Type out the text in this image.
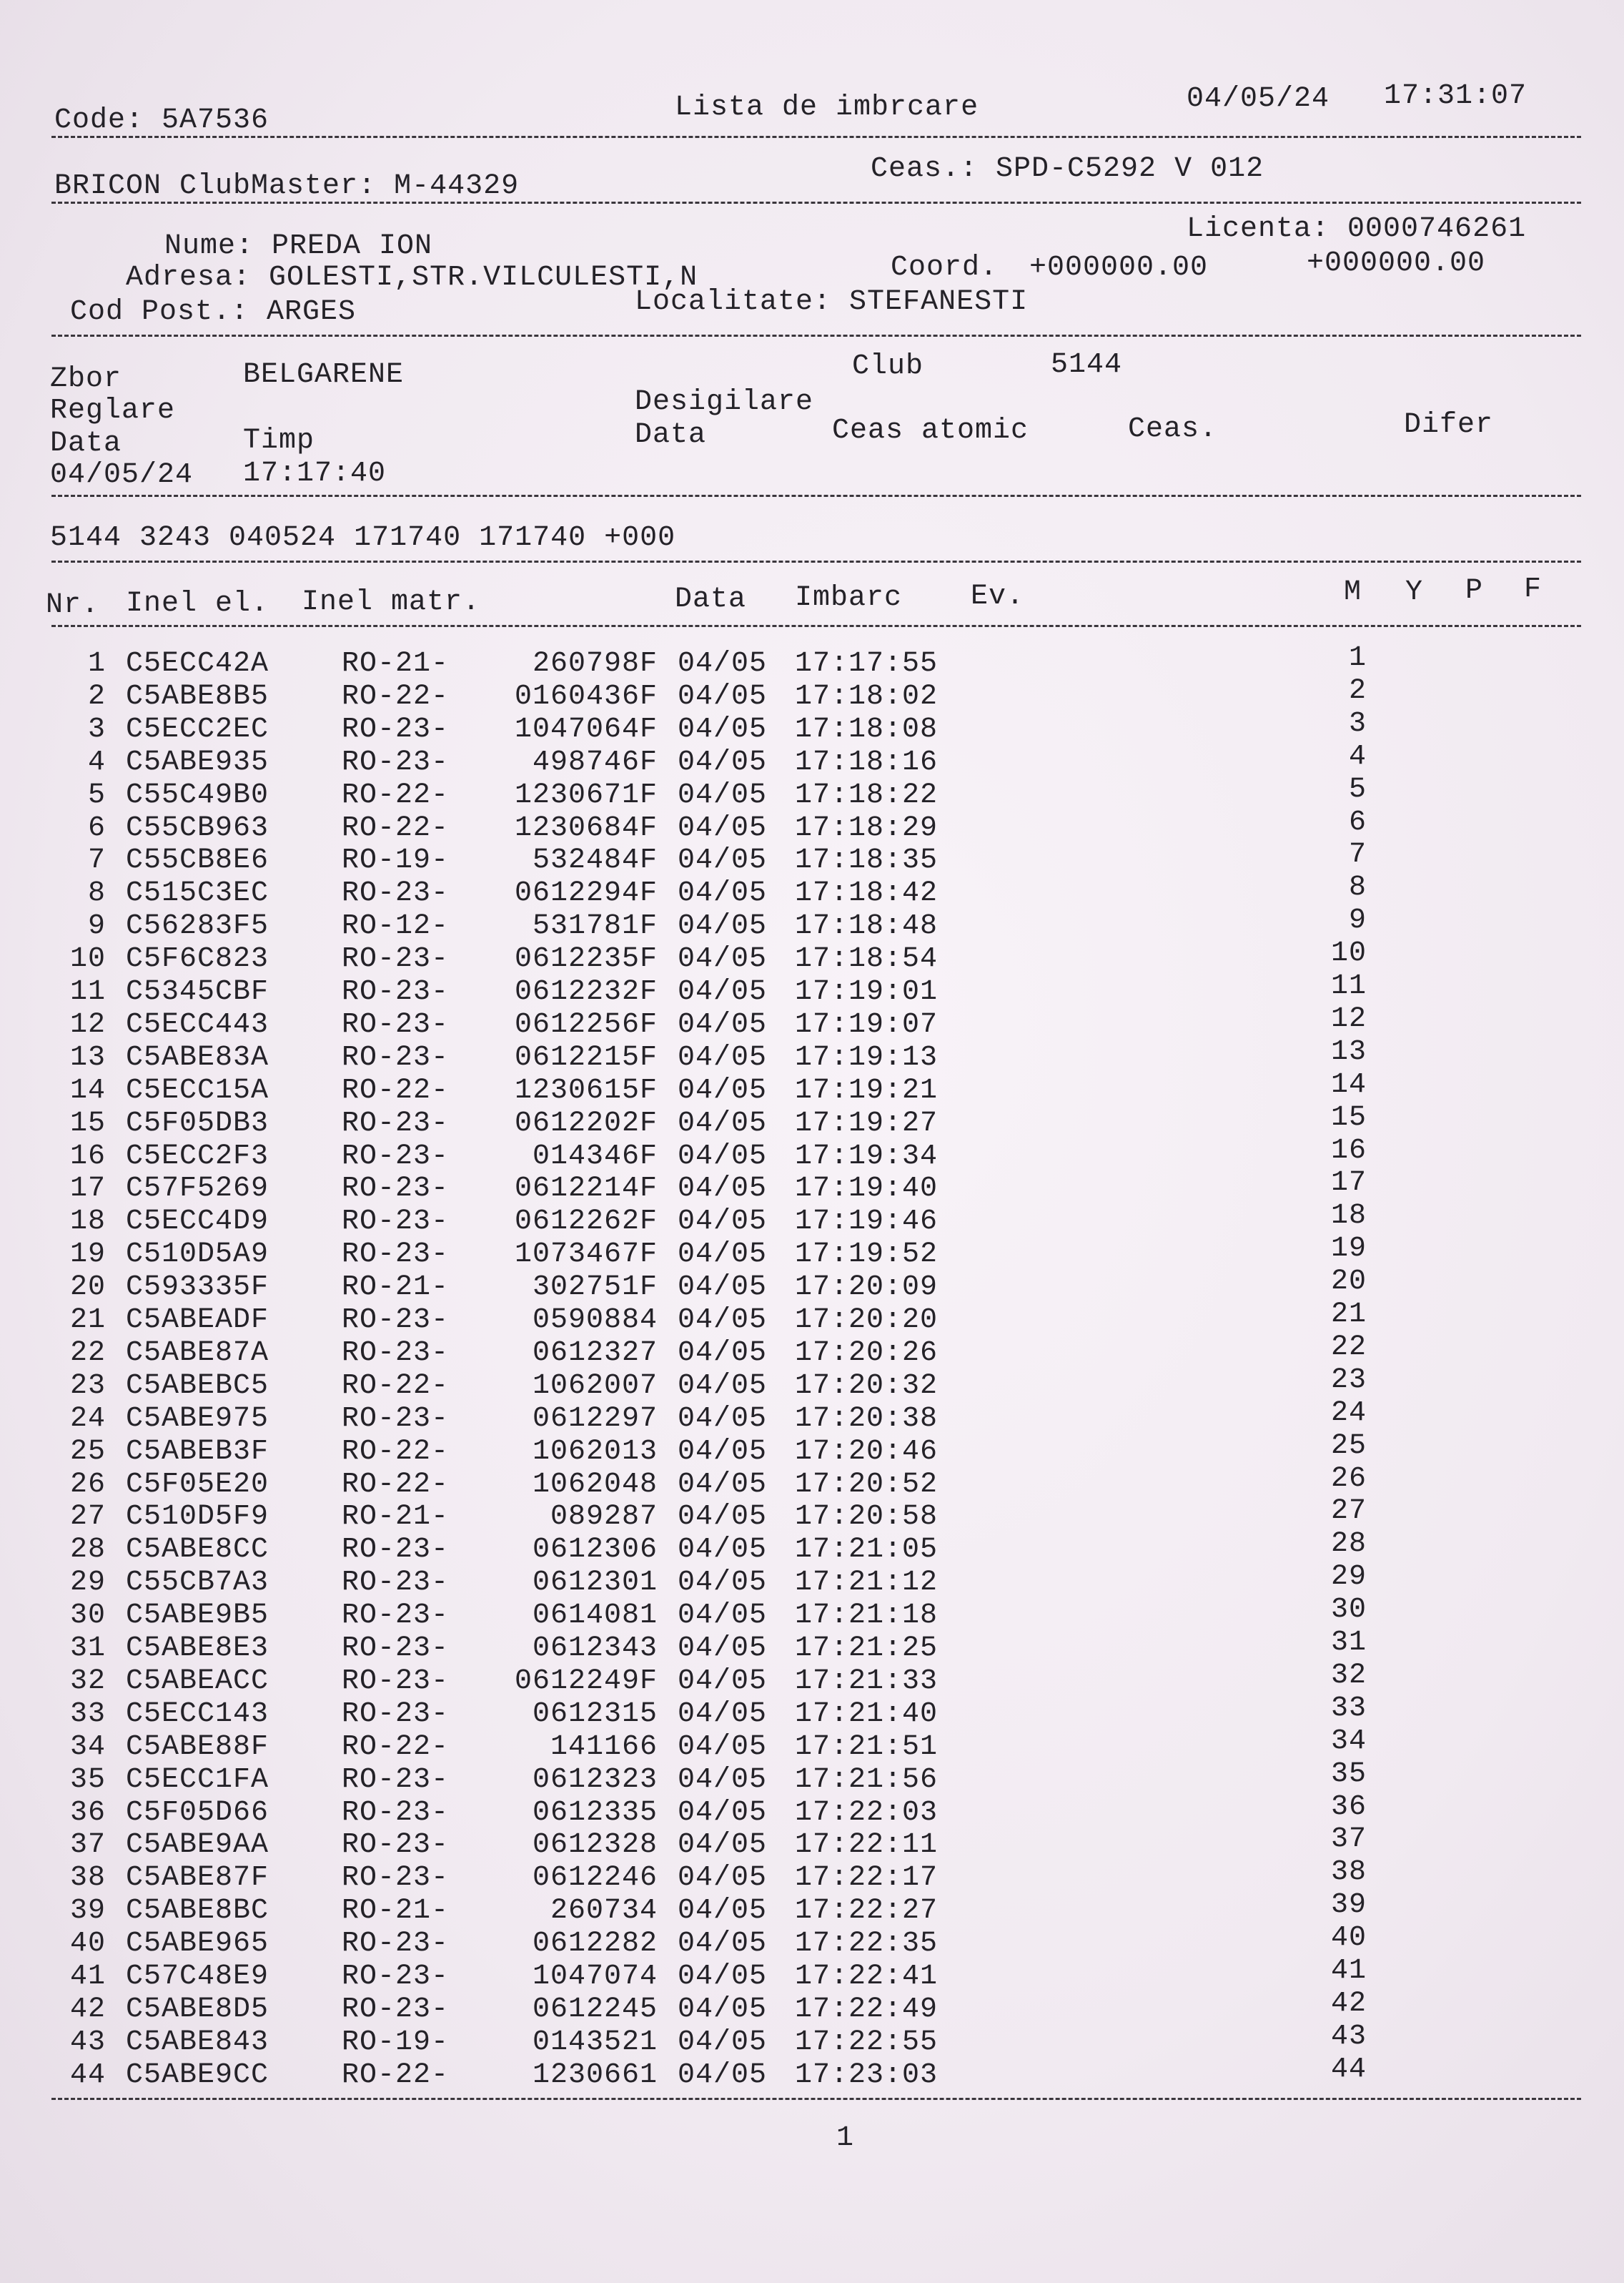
Code: 5A7536	Lista de imbrcare	04/05/24 17:31:07
BRICON ClubMaster: M-44329
Ceas.: SPD-C5292 V 012
Nume: PREDA ION
Licenta: 0000746261
Adresa: GOLESTI,STR.VILCULESTI,N	Coord. +000000.00	+000000.00
Cod Post.: ARGES	Localitate: STEFANESTI
Zbor	BELGARENE	Club	5144
Reglare	Desigilare
Data	Timp	Data	Ceas atomic	Ceas.	Difer
04/05/24 17:17:40
5144 3243 040524 171740 171740 +000
Nr. Inel el. Inel matr.	Data Imbarc Ev.	M Y P F
1 C5ECC42A	RO-21-	260798F 04/05 17:17:55	1
2 C5ABE8B5	RO-22-	0160436F 04/05 17:18:02	2
3 C5ECC2EC	RO-23-	1047064F 04/05 17:18:08	3
4 C5ABE935	RO-23-	498746F 04/05 17:18:16	4
5 C55C49B0	RO-22-	1230671F 04/05 17:18:22	5
6 C55CB963	RO-22-	1230684F 04/05 17:18:29	6
7 C55CB8E6	RO-19-	532484F 04/05 17:18:35	7
8 C515C3EC	RO-23-	0612294F 04/05 17:18:42	8
9 C56283F5	RO-12-	531781F 04/05 17:18:48	9
10 C5F6C823	RO-23-	0612235F 04/05 17:18:54	10
11 C5345CBF	RO-23-	0612232F 04/05 17:19:01	11
12 C5ECC443	RO-23-	0612256F 04/05 17:19:07	12
13 C5ABE83A	RO-23-	0612215F 04/05 17:19:13	13
14 C5ECC15A	RO-22-	1230615F 04/05 17:19:21	14
15 C5F05DB3	RO-23-	0612202F 04/05 17:19:27	15
16 C5ECC2F3	RO-23-	014346F 04/05 17:19:34	16
17 C57F5269	RO-23-	0612214F 04/05 17:19:40	17
18 C5ECC4D9	RO-23-	0612262F 04/05 17:19:46	18
19 C510D5A9	RO-23-	1073467F 04/05 17:19:52	19
20 C593335F	RO-21-	302751F 04/05 17:20:09	20
21 C5ABEADF	RO-23-	0590884 04/05 17:20:20	21
22 C5ABE87A	RO-23-	0612327 04/05 17:20:26	22
23 C5ABEBC5	RO-22-	1062007 04/05 17:20:32	23
24 C5ABE975	RO-23-	0612297 04/05 17:20:38	24
25 C5ABEB3F	RO-22-	1062013 04/05 17:20:46	25
26 C5F05E20	RO-22-	1062048 04/05 17:20:52	26
27 C510D5F9	RO-21-	089287 04/05 17:20:58	27
28 C5ABE8CC	RO-23-	0612306 04/05 17:21:05	28
29 C55CB7A3	RO-23-	0612301 04/05 17:21:12	29
30 C5ABE9B5	RO-23-	0614081 04/05 17:21:18	30
31 C5ABE8E3	RO-23-	0612343 04/05 17:21:25	31
32 C5ABEACC	RO-23-	0612249F 04/05 17:21:33	32
33 C5ECC143	RO-23-	0612315 04/05 17:21:40	33
34 C5ABE88F	RO-22-	141166 04/05 17:21:51	34
35 C5ECC1FA	RO-23-	0612323 04/05 17:21:56	35
36 C5F05D66	RO-23-	0612335 04/05 17:22:03	36
37 C5ABE9AA	RO-23-	0612328 04/05 17:22:11	37
38 C5ABE87F	RO-23-	0612246 04/05 17:22:17	38
39 C5ABE8BC	RO-21-	260734 04/05 17:22:27	39
40 C5ABE965	RO-23-	0612282 04/05 17:22:35	40
41 C57C48E9	RO-23-	1047074 04/05 17:22:41	41
42 C5ABE8D5	RO-23-	0612245 04/05 17:22:49	42
43 C5ABE843	RO-19-	0143521 04/05 17:22:55	43
44 C5ABE9CC	RO-22-	1230661 04/05 17:23:03	44
1
